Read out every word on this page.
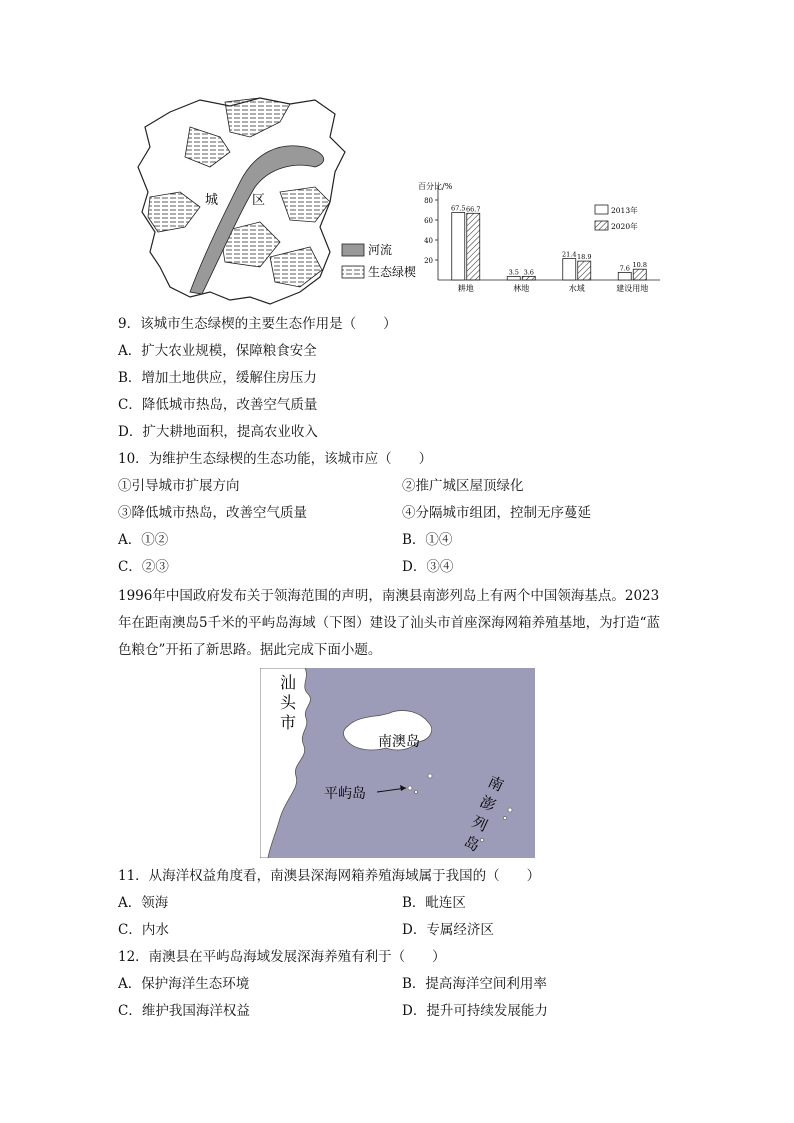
城	区
河流
生态绿楔
百分比/%
20
40
60
80
耕地	林地	水域	建设用地
67.5 66.7
3.5 3.6
21.4 18.9
7.6 10.8
2013年
2020年
9．该城市生态绿楔的主要生态作用是（　　）
A．扩大农业规模，保障粮食安全
B．增加土地供应，缓解住房压力
C．降低城市热岛，改善空气质量
D．扩大耕地面积，提高农业收入
10．为维护生态绿楔的生态功能，该城市应（　　）
①引导城市扩展方向	②推广城区屋顶绿化
③降低城市热岛，改善空气质量	④分隔城市组团，控制无序蔓延
A．①②	B．①④
C．②③	D．③④
1996年中国政府发布关于领海范围的声明，南澳县南澎列岛上有两个中国领海基点。2023
年在距南澳岛5千米的平屿岛海域（下图）建设了汕头市首座深海网箱养殖基地，为打造“蓝
色粮仓”开拓了新思路。据此完成下面小题。
汕
头
市
南澳岛
平屿岛	南
澎
列
岛
11．从海洋权益角度看，南澳县深海网箱养殖海域属于我国的（　　）
A．领海	B．毗连区
C．内水	D．专属经济区
12．南澳县在平屿岛海域发展深海养殖有利于（　　）
A．保护海洋生态环境	B．提高海洋空间利用率
C．维护我国海洋权益	D．提升可持续发展能力
